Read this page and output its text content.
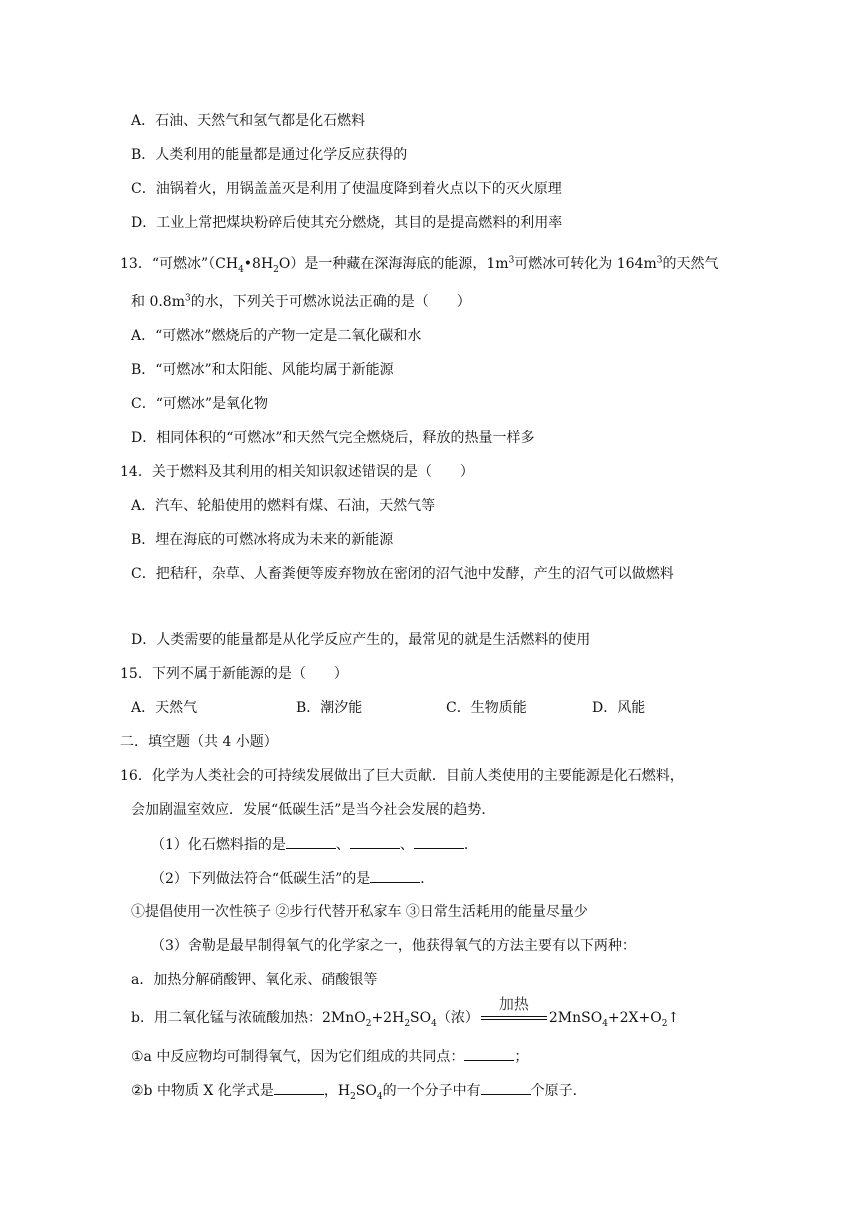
A．石油、天然气和氢气都是化石燃料
B．人类利用的能量都是通过化学反应获得的
C．油锅着火，用锅盖盖灭是利用了使温度降到着火点以下的灭火原理
D．工业上常把煤块粉碎后使其充分燃烧，其目的是提高燃料的利用率
13．“可燃冰$”(CH_4•8H_2O)$是一种藏在深海海底的能源，$1m^3$可燃冰可转化为 $164m^3$的天然气
和 $0.8m^3$的水，下列关于可燃冰说法正确的是（　　）
A．“可燃冰”燃烧后的产物一定是二氧化碳和水
B．“可燃冰”和太阳能、风能均属于新能源
C．“可燃冰”是氧化物
D．相同体积的“可燃冰”和天然气完全燃烧后，释放的热量一样多
14．关于燃料及其利用的相关知识叙述错误的是（　　）
A．汽车、轮船使用的燃料有煤、石油，天然气等
B．埋在海底的可燃冰将成为未来的新能源
C．把秸秆，杂草、人畜粪便等废弃物放在密闭的沼气池中发酵，产生的沼气可以做燃料
D．人类需要的能量都是从化学反应产生的，最常见的就是生活燃料的使用
15．下列不属于新能源的是（　　）
A．天然气	B．潮汐能	C．生物质能	D．风能
二．填空题（共 4 小题）
16．化学为人类社会的可持续发展做出了巨大贡献．目前人类使用的主要能源是化石燃料，
会加剧温室效应．发展“低碳生活”是当今社会发展的趋势．
（1）化石燃料指的是	、	、	．
（2）下列做法符合“低碳生活”的是	．
①提倡使用一次性筷子 ②步行代替开私家车 ③日常生活耗用的能量尽量少
（3）舍勒是最早制得氧气的化学家之一，他获得氧气的方法主要有以下两种：
a．加热分解硝酸钾、氧化汞、硝酸银等
b．用二氧化锰与浓硫酸加热：$2MnO_2+2H_2SO_4$（浓）
加热
$2MnSO_4+2X+O_2↑$
①a 中反应物均可制得氧气，因为它们组成的共同点：	；
②b 中物质 X 化学式是	，$H_2SO_4$的一个分子中有	个原子．
